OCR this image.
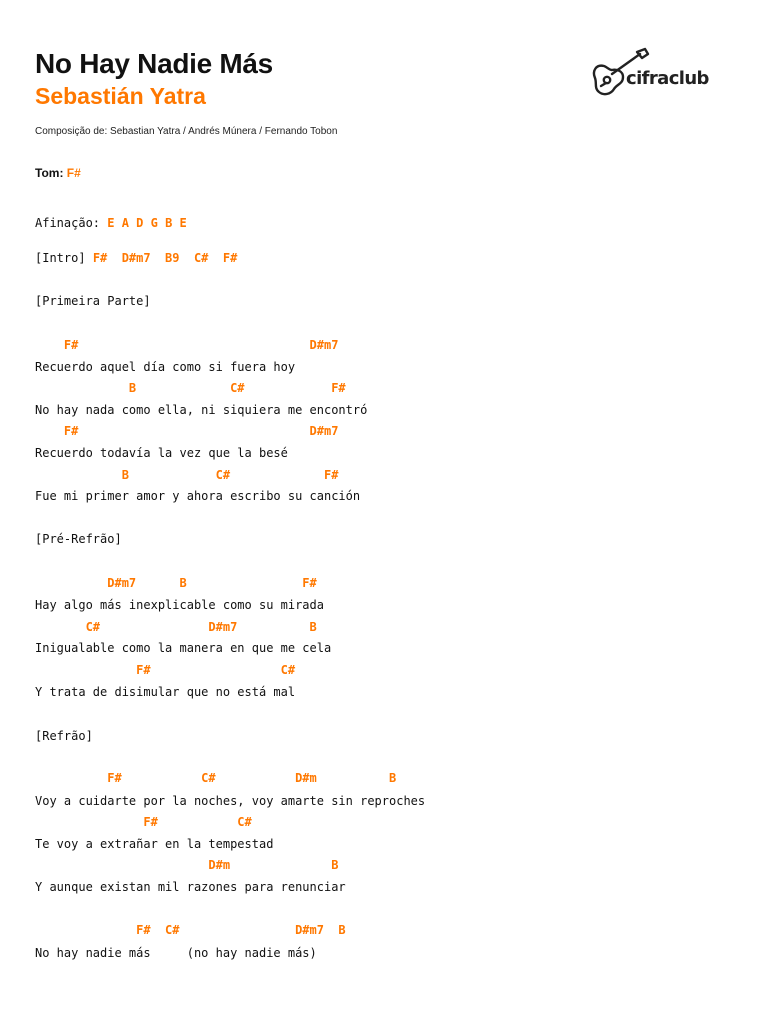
No Hay Nadie Más
Sebastián Yatra
Composição de: Sebastian Yatra / Andrés Múnera / Fernando Tobon
cifraclub
Tom: F#
Afinação: E A D G B E
[Intro] F#  D#m7  B9  C#  F#
[Primeira Parte]
F#                                D#m7
Recuerdo aquel día como si fuera hoy
B             C#            F#
No hay nada como ella, ni siquiera me encontró
F#                                D#m7
Recuerdo todavía la vez que la besé
B            C#             F#
Fue mi primer amor y ahora escribo su canción
[Pré-Refrão]
D#m7      B                F#
Hay algo más inexplicable como su mirada
C#               D#m7          B
Inigualable como la manera en que me cela
F#                  C#
Y trata de disimular que no está mal
[Refrão]
F#           C#           D#m          B
Voy a cuidarte por la noches, voy amarte sin reproches
F#           C#
Te voy a extrañar en la tempestad
D#m              B
Y aunque existan mil razones para renunciar
F#  C#                D#m7  B
No hay nadie más     (no hay nadie más)
